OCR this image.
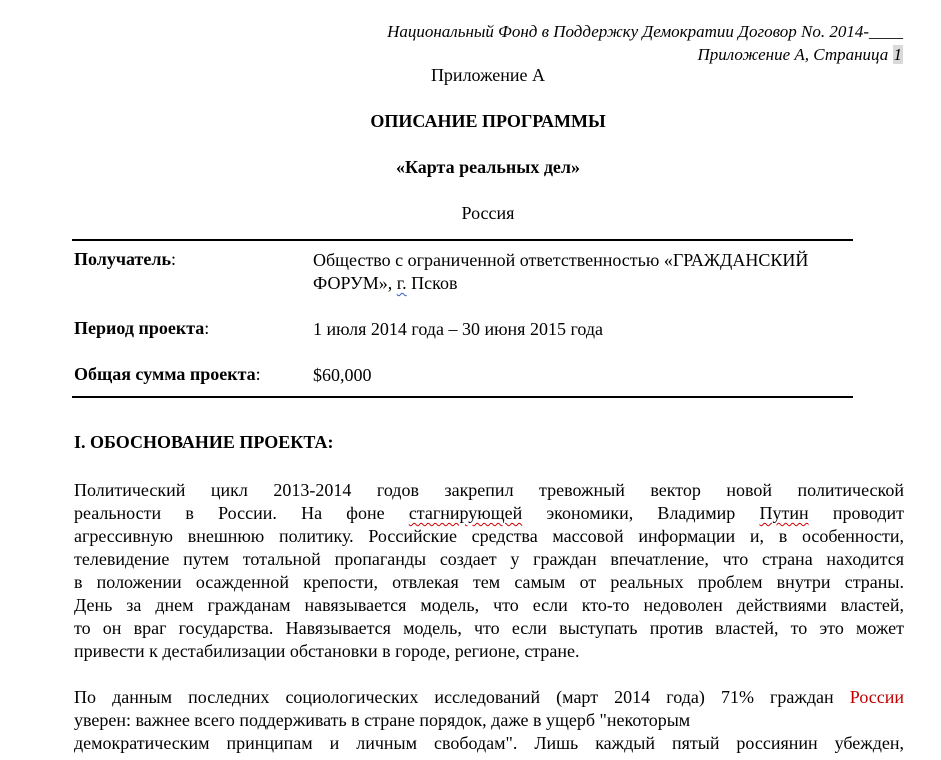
Национальный Фонд в Поддержку Демократии Договор No. 2014-____
Приложение А, Страница 1
Приложение А
ОПИСАНИЕ ПРОГРАММЫ
«Карта реальных дел»
Россия
Получатель:	Общество с ограниченной ответственностью «ГРАЖДАНСКИЙ
ФОРУМ», г. Псков
Период проекта:	1 июля 2014 года – 30 июня 2015 года
Общая сумма проекта:	$60,000
I. ОБОСНОВАНИЕ ПРОЕКТА:
Политический цикл 2013-2014 годов закрепил тревожный вектор новой политической
реальности в России. На фоне стагнирующей экономики, Владимир Путин проводит
агрессивную внешнюю политику. Российские средства массовой информации и, в особенности,
телевидение путем тотальной пропаганды создает у граждан впечатление, что страна находится
в положении осажденной крепости, отвлекая тем самым от реальных проблем внутри страны.
День за днем гражданам навязывается модель, что если кто-то недоволен действиями властей,
то он враг государства. Навязывается модель, что если выступать против властей, то это может
привести к дестабилизации обстановки в городе, регионе, стране.
По данным последних социологических исследований (март 2014 года) 71% граждан России
уверен: важнее всего поддерживать в стране порядок, даже в ущерб "некоторым
демократическим принципам и личным свободам". Лишь каждый пятый россиянин убежден,
